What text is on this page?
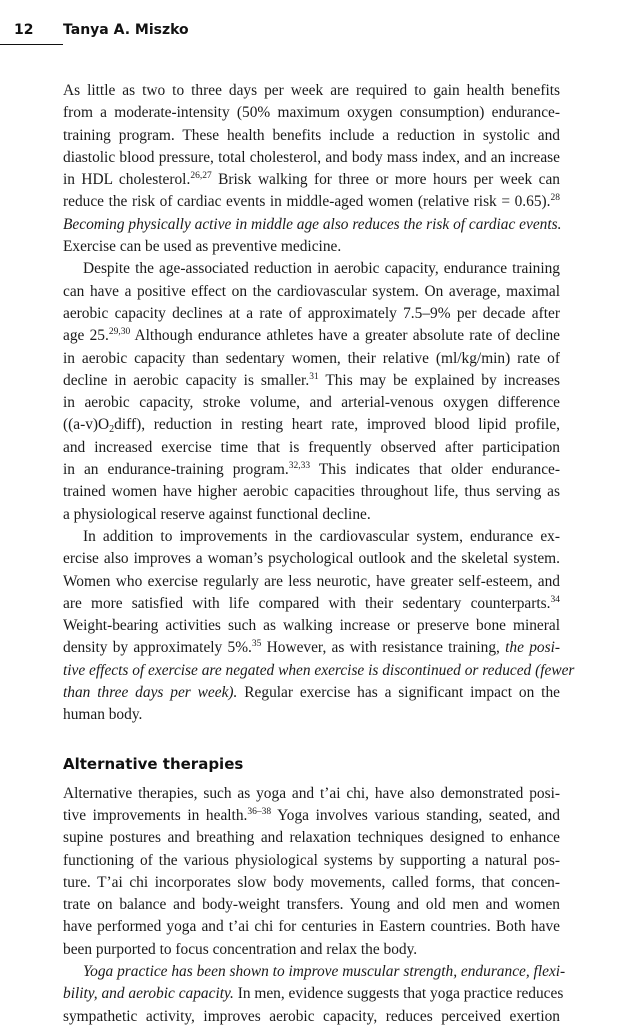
12 Tanya A. Miszko
As little as two to three days per week are required to gain health benefits
from a moderate-intensity (50% maximum oxygen consumption) endurance-
training program. These health benefits include a reduction in systolic and
diastolic blood pressure, total cholesterol, and body mass index, and an increase
in HDL cholesterol.$^{26,27}$ Brisk walking for three or more hours per week can
reduce the risk of cardiac events in middle-aged women (relative risk = 0.65).$^{28}$
Becoming physically active in middle age also reduces the risk of cardiac events.
Exercise can be used as preventive medicine.
Despite the age-associated reduction in aerobic capacity, endurance training
can have a positive effect on the cardiovascular system. On average, maximal
aerobic capacity declines at a rate of approximately 7.5–9% per decade after
age 25.$^{29,30}$ Although endurance athletes have a greater absolute rate of decline
in aerobic capacity than sedentary women, their relative (ml/kg/min) rate of
decline in aerobic capacity is smaller.$^{31}$ This may be explained by increases
in aerobic capacity, stroke volume, and arterial-venous oxygen difference
$((a-v)O_2diff)$, reduction in resting heart rate, improved blood lipid profile,
and increased exercise time that is frequently observed after participation
in an endurance-training program.$^{32,33}$ This indicates that older endurance-
trained women have higher aerobic capacities throughout life, thus serving as
a physiological reserve against functional decline.
In addition to improvements in the cardiovascular system, endurance ex-
ercise also improves a woman’s psychological outlook and the skeletal system.
Women who exercise regularly are less neurotic, have greater self-esteem, and
are more satisfied with life compared with their sedentary counterparts.$^{34}$
Weight-bearing activities such as walking increase or preserve bone mineral
density by approximately 5%.$^{35}$ However, as with resistance training, the posi-
tive effects of exercise are negated when exercise is discontinued or reduced (fewer
than three days per week). Regular exercise has a significant impact on the
human body.
Alternative therapies
Alternative therapies, such as yoga and t’ai chi, have also demonstrated posi-
tive improvements in health.$^{36-38}$ Yoga involves various standing, seated, and
supine postures and breathing and relaxation techniques designed to enhance
functioning of the various physiological systems by supporting a natural pos-
ture. T’ai chi incorporates slow body movements, called forms, that concen-
trate on balance and body-weight transfers. Young and old men and women
have performed yoga and t’ai chi for centuries in Eastern countries. Both have
been purported to focus concentration and relax the body.
Yoga practice has been shown to improve muscular strength, endurance, flexi-
bility, and aerobic capacity. In men, evidence suggests that yoga practice reduces
sympathetic activity, improves aerobic capacity, reduces perceived exertion
